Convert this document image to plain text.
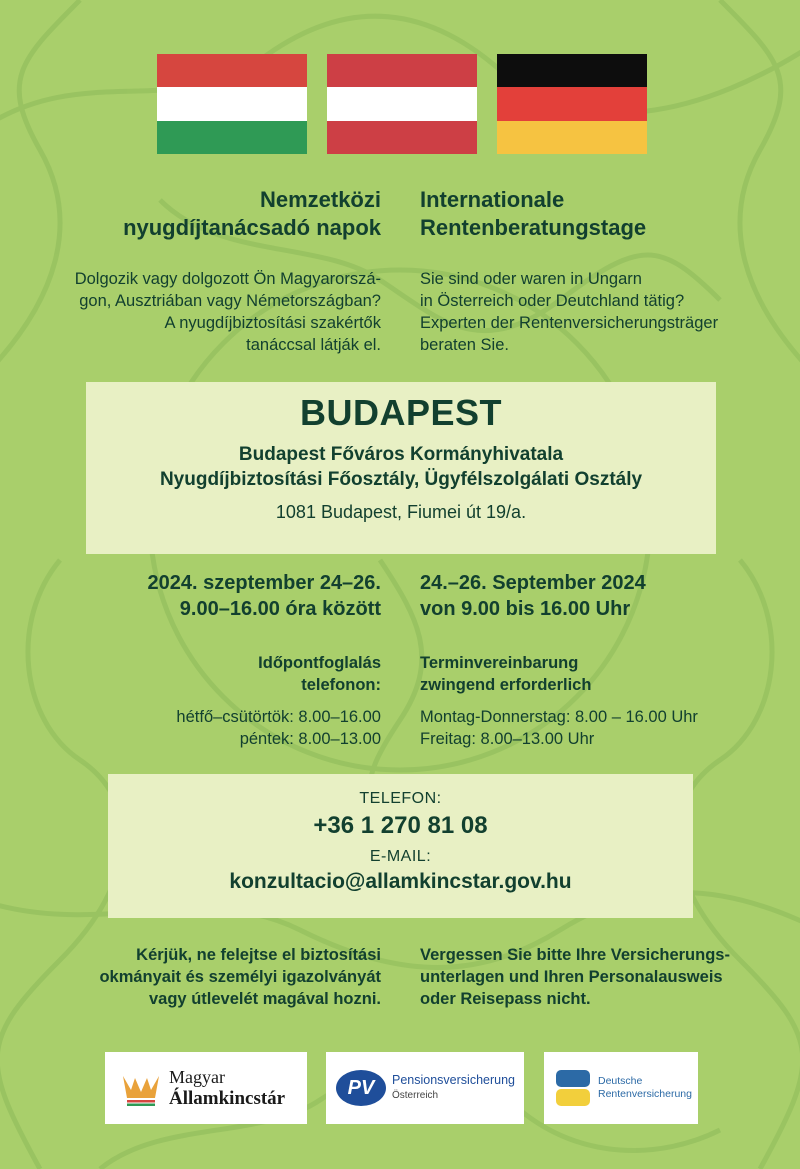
Nemzetközi
nyugdíjtanácsadó napok
Internationale
Rentenberatungstage
Dolgozik vagy dolgozott Ön Magyarorszá-
gon, Ausztriában vagy Németországban?
A nyugdíjbiztosítási szakértők
tanáccsal látják el.
Sie sind oder waren in Ungarn
in Österreich oder Deutchland tätig?
Experten der Rentenversicherungsträger
beraten Sie.
BUDAPEST
Budapest Főváros Kormányhivatala
Nyugdíjbiztosítási Főosztály, Ügyfélszolgálati Osztály
1081 Budapest, Fiumei út 19/a.
2024. szeptember 24–26.
9.00–16.00 óra között
24.–26. September 2024
von 9.00 bis 16.00 Uhr
Időpontfoglalás
telefonon:
hétfő–csütörtök: 8.00–16.00
péntek: 8.00–13.00
Terminvereinbarung
zwingend erforderlich
Montag-Donnerstag: 8.00 – 16.00 Uhr
Freitag: 8.00–13.00 Uhr
TELEFON:
+36 1 270 81 08
E-MAIL:
konzultacio@allamkincstar.gov.hu
Kérjük, ne felejtse el biztosítási
okmányait és személyi igazolványát
vagy útlevelét magával hozni.
Vergessen Sie bitte Ihre Versicherungs-
unterlagen und Ihren Personalausweis
oder Reisepass nicht.
Magyar
Államkincstár	PV	Pensionsversicherung
Österreich
Deutsche
Rentenversicherung
